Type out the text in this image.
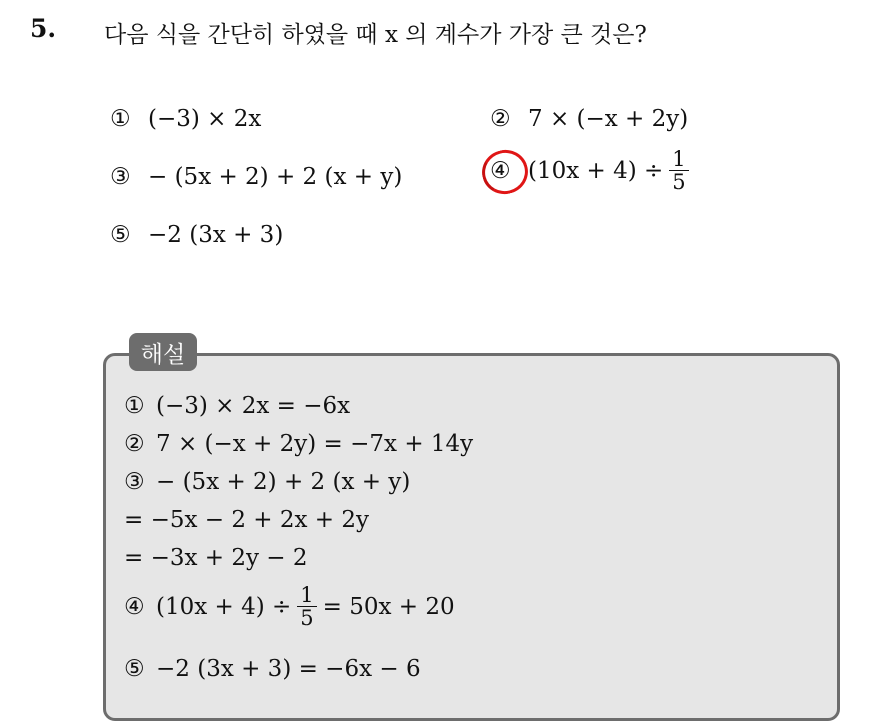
5. 다음 식을 간단히 하였을 때 x 의 계수가 가장 큰 것은?
① (−3) × 2x	② 7 × (−x + 2y)
③ − (5x + 2) + 2 (x + y)	④ $(10x + 4) \div \frac{1}{5}$
⑤ −2 (3x + 3)
해설
① (−3) × 2x = −6x
② 7 × (−x + 2y) = −7x + 14y
③ − (5x + 2) + 2 (x + y)
= −5x − 2 + 2x + 2y
= −3x + 2y − 2
④ $(10x + 4) \div \frac{1}{5} = 50x + 20$
⑤ −2 (3x + 3) = −6x − 6
